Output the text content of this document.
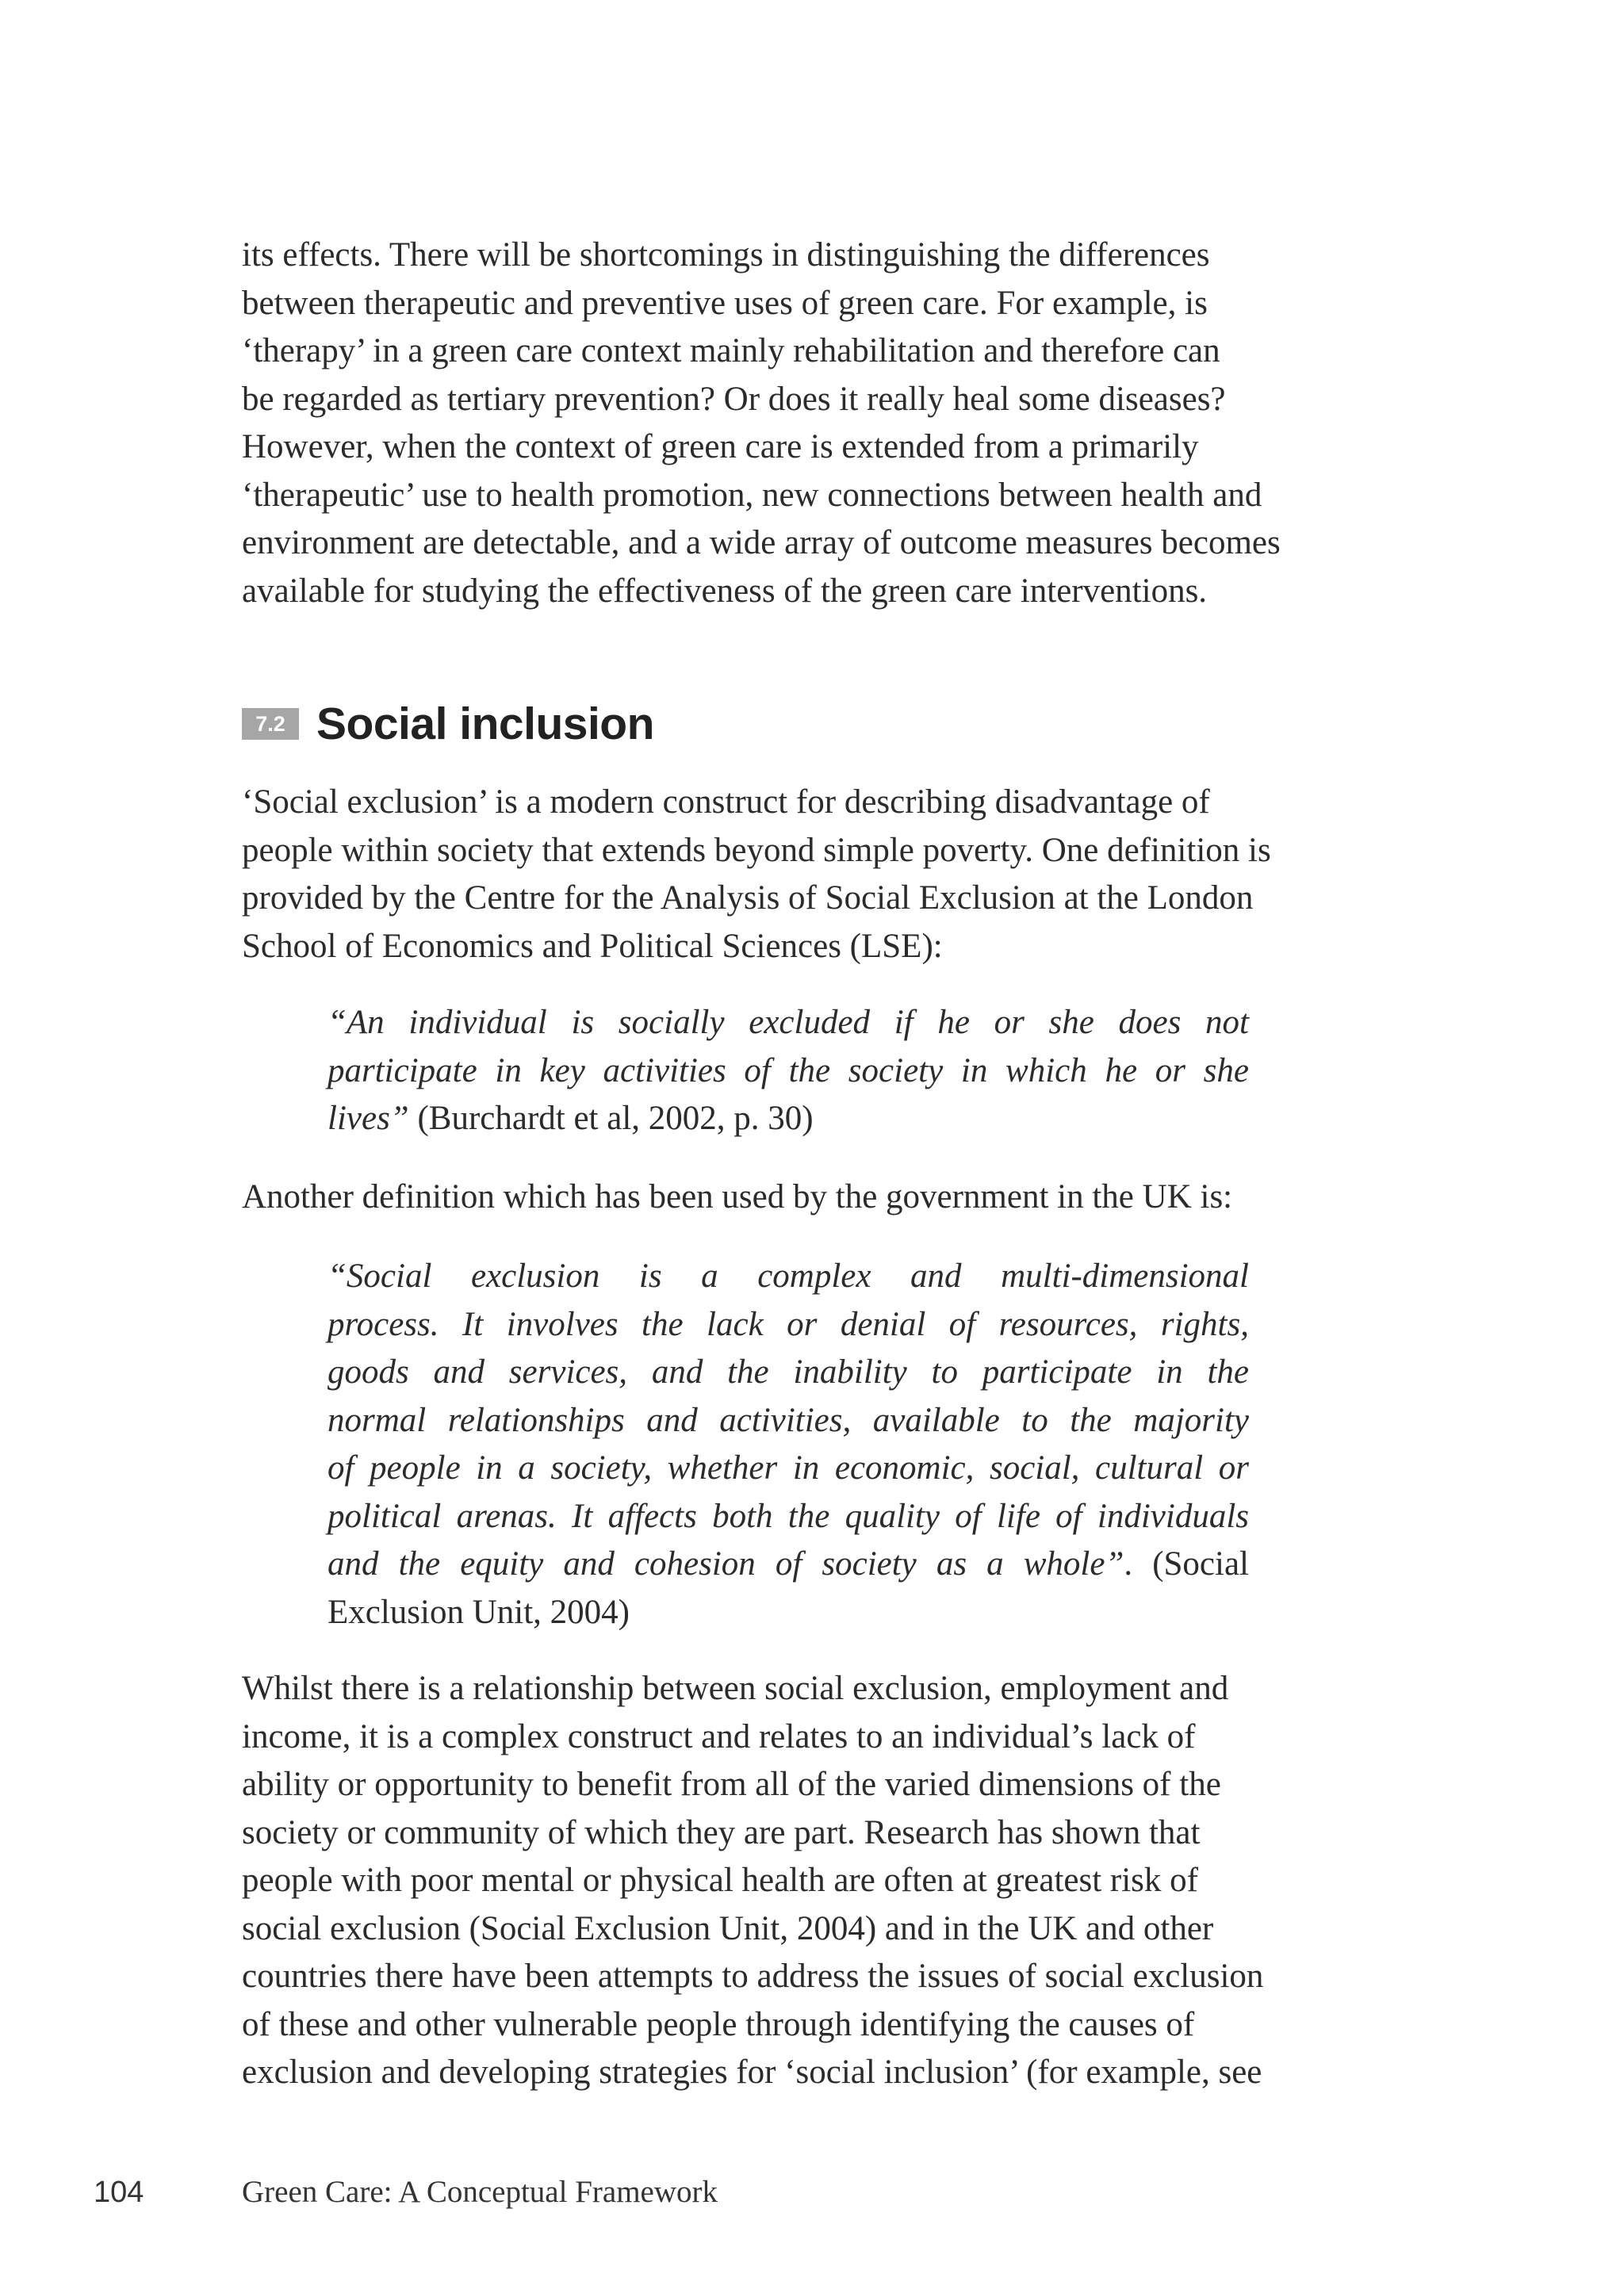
its effects. There will be shortcomings in distinguishing the differences
between therapeutic and preventive uses of green care. For example, is
‘therapy’ in a green care context mainly rehabilitation and therefore can
be regarded as tertiary prevention? Or does it really heal some diseases?
However, when the context of green care is extended from a primarily
‘therapeutic’ use to health promotion, new connections between health and
environment are detectable, and a wide array of outcome measures becomes
available for studying the effectiveness of the green care interventions.
7.2 Social inclusion
‘Social exclusion’ is a modern construct for describing disadvantage of
people within society that extends beyond simple poverty. One definition is
provided by the Centre for the Analysis of Social Exclusion at the London
School of Economics and Political Sciences (LSE):
“An individual is socially excluded if he or she does not
participate in key activities of the society in which he or she
lives” (Burchardt et al, 2002, p. 30)
Another definition which has been used by the government in the UK is:
“Social exclusion is a complex and multi-dimensional
process. It involves the lack or denial of resources, rights,
goods and services, and the inability to participate in the
normal relationships and activities, available to the majority
of people in a society, whether in economic, social, cultural or
political arenas. It affects both the quality of life of individuals
and the equity and cohesion of society as a whole”. (Social
Exclusion Unit, 2004)
Whilst there is a relationship between social exclusion, employment and
income, it is a complex construct and relates to an individual’s lack of
ability or opportunity to benefit from all of the varied dimensions of the
society or community of which they are part. Research has shown that
people with poor mental or physical health are often at greatest risk of
social exclusion (Social Exclusion Unit, 2004) and in the UK and other
countries there have been attempts to address the issues of social exclusion
of these and other vulnerable people through identifying the causes of
exclusion and developing strategies for ‘social inclusion’ (for example, see
104	Green Care: A Conceptual Framework
